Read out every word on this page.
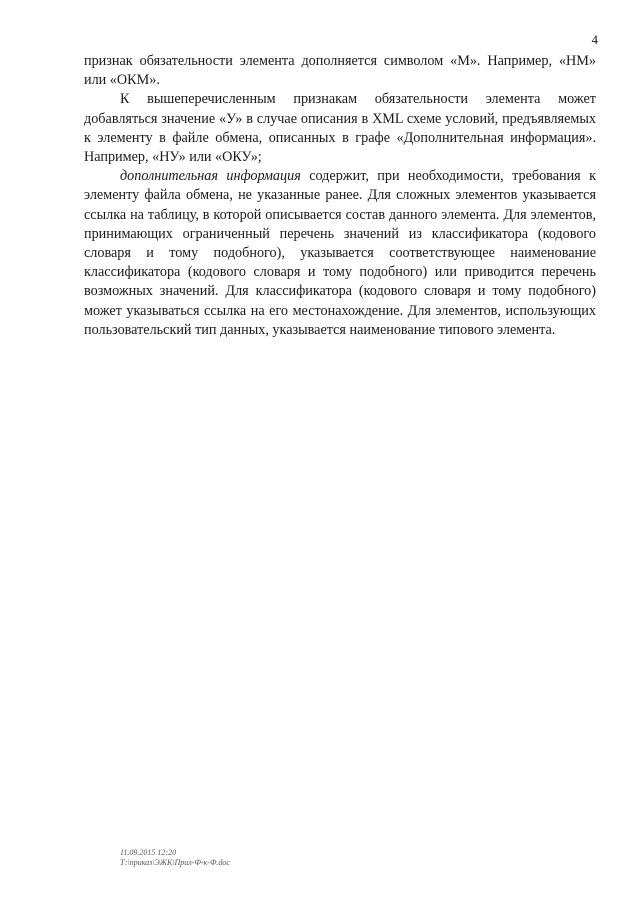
4

признак обязательности элемента дополняется символом «М». Например, «НМ» или «ОКМ».

К вышеперечисленным признакам обязательности элемента может добавляться значение «У» в случае описания в XML схеме условий, предъявляемых к элементу в файле обмена, описанных в графе «Дополнительная информация». Например, «НУ» или «ОКУ»;

дополнительная информация содержит, при необходимости, требования к элементу файла обмена, не указанные ранее. Для сложных элементов указывается ссылка на таблицу, в которой описывается состав данного элемента. Для элементов, принимающих ограниченный перечень значений из классификатора (кодового словаря и тому подобного), указывается соответствующее наименование классификатора (кодового словаря и тому подобного) или приводится перечень возможных значений. Для классификатора (кодового словаря и тому подобного) может указываться ссылка на его местонахождение. Для элементов, использующих пользовательский тип данных, указывается наименование типового элемента.

11.09.2015 12:20
Т:\приказ\ЭЖК\Прил-Ф-к-Ф.doc
